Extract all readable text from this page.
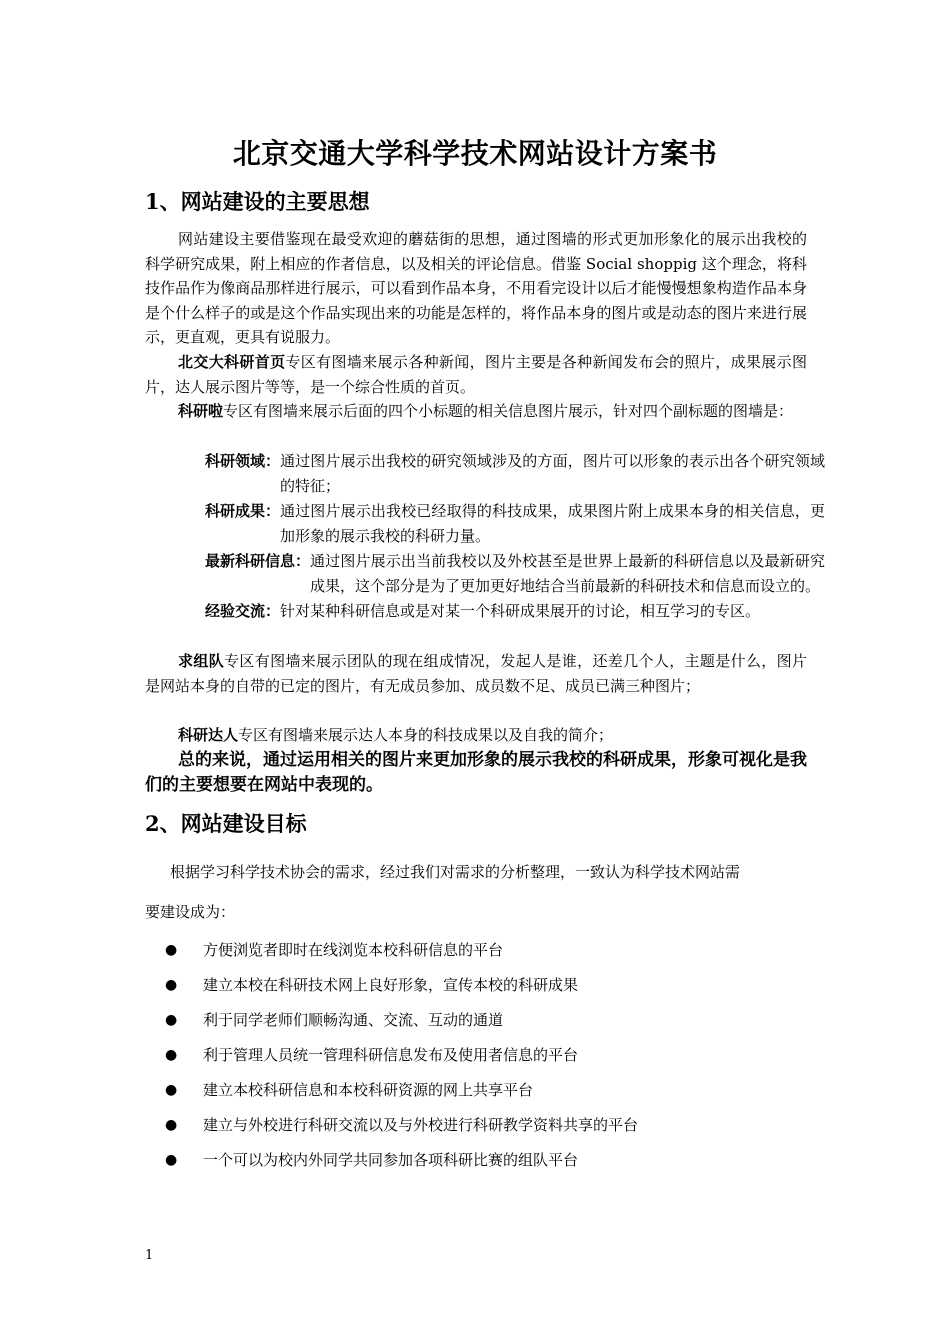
北京交通大学科学技术网站设计方案书
1、网站建设的主要思想
网站建设主要借鉴现在最受欢迎的蘑菇街的思想，通过图墙的形式更加形象化的展示出我校的科学研究成果，附上相应的作者信息，以及相关的评论信息。借鉴 Social shoppig 这个理念，将科技作品作为像商品那样进行展示，可以看到作品本身，不用看完设计以后才能慢慢想象构造作品本身是个什么样子的或是这个作品实现出来的功能是怎样的，将作品本身的图片或是动态的图片来进行展示，更直观，更具有说服力。
北交大科研首页专区有图墙来展示各种新闻，图片主要是各种新闻发布会的照片，成果展示图片，达人展示图片等等，是一个综合性质的首页。
科研啦专区有图墙来展示后面的四个小标题的相关信息图片展示，针对四个副标题的图墙是：
科研领域： 通过图片展示出我校的研究领域涉及的方面，图片可以形象的表示出各个研究领域的特征；
科研成果： 通过图片展示出我校已经取得的科技成果，成果图片附上成果本身的相关信息，更加形象的展示我校的科研力量。
最新科研信息： 通过图片展示出当前我校以及外校甚至是世界上最新的科研信息以及最新研究成果，这个部分是为了更加更好地结合当前最新的科研技术和信息而设立的。
经验交流： 针对某种科研信息或是对某一个科研成果展开的讨论，相互学习的专区。
求组队专区有图墙来展示团队的现在组成情况，发起人是谁，还差几个人，主题是什么，图片是网站本身的自带的已定的图片，有无成员参加、成员数不足、成员已满三种图片；
科研达人专区有图墙来展示达人本身的科技成果以及自我的简介；
总的来说，通过运用相关的图片来更加形象的展示我校的科研成果，形象可视化是我们的主要想要在网站中表现的。
2、网站建设目标
根据学习科学技术协会的需求，经过我们对需求的分析整理，一致认为科学技术网站需
要建设成为：
●	方便浏览者即时在线浏览本校科研信息的平台
●	建立本校在科研技术网上良好形象，宣传本校的科研成果
●	利于同学老师们顺畅沟通、交流、互动的通道
●	利于管理人员统一管理科研信息发布及使用者信息的平台
●	建立本校科研信息和本校科研资源的网上共享平台
●	建立与外校进行科研交流以及与外校进行科研教学资料共享的平台
●	一个可以为校内外同学共同参加各项科研比赛的组队平台
1
